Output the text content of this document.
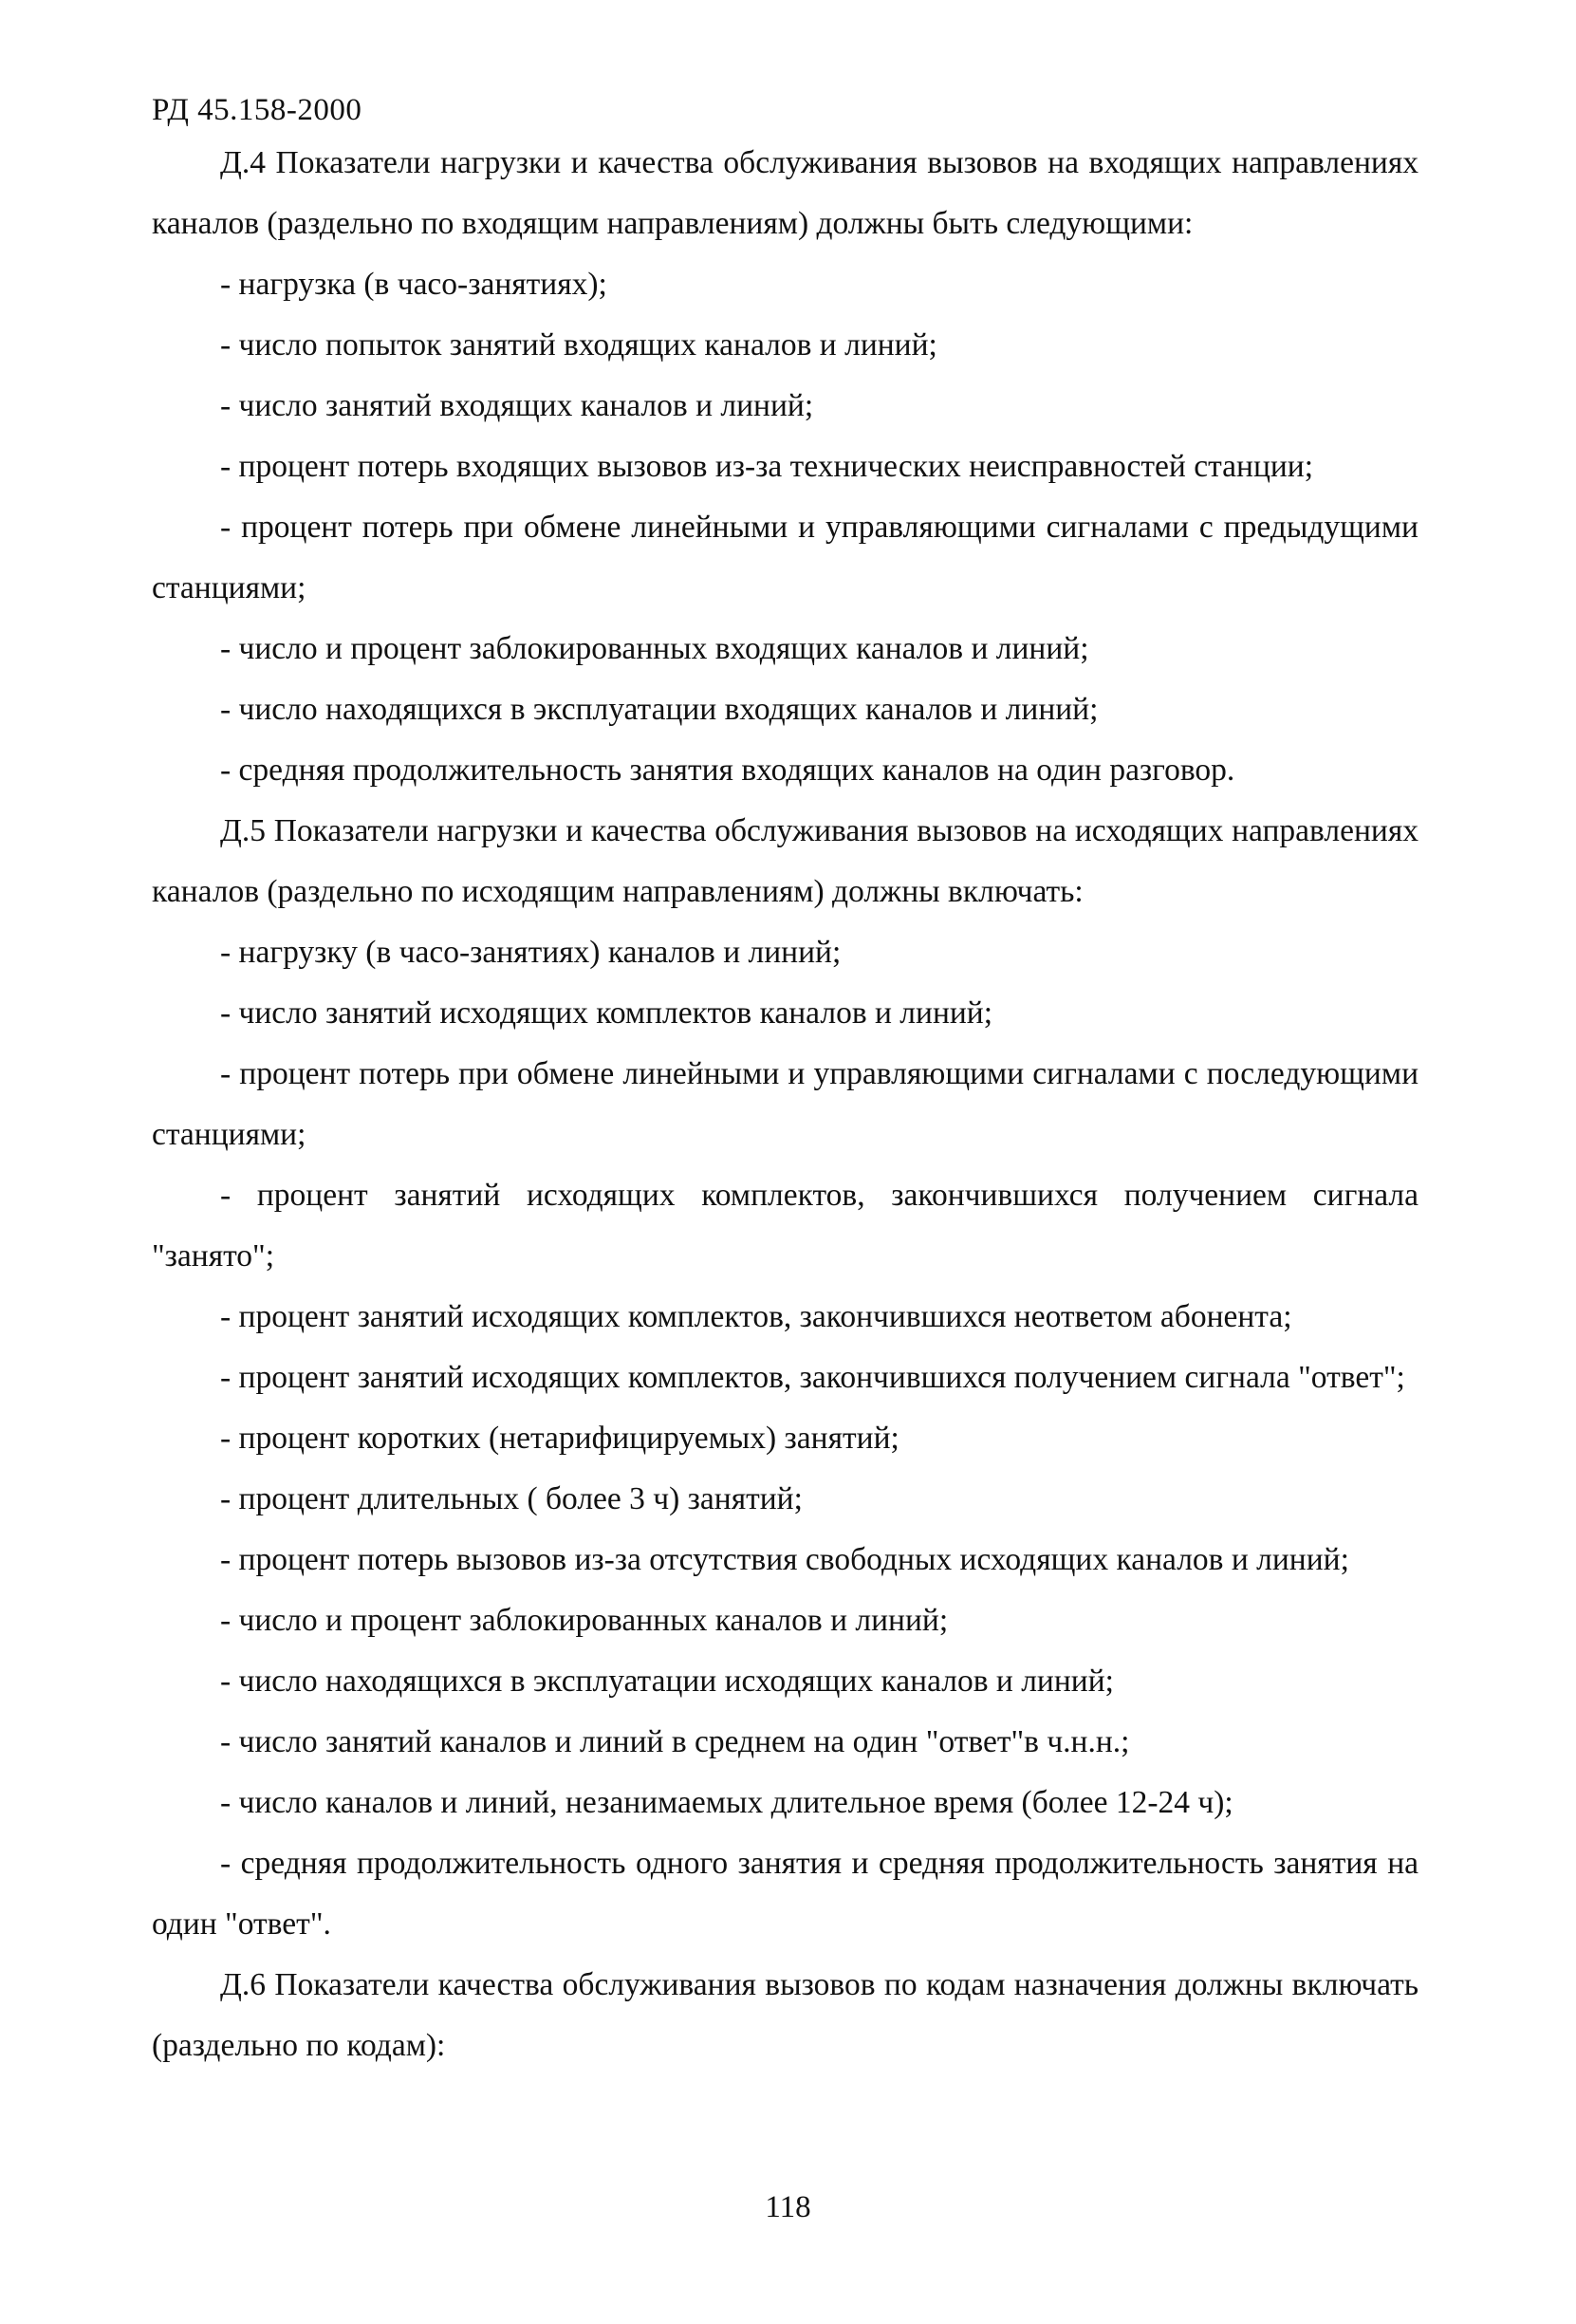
РД 45.158-2000

Д.4 Показатели нагрузки и качества обслуживания вызовов на входящих направлениях каналов (раздельно по входящим направлениям) должны быть следующими:

- нагрузка (в часо-занятиях);

- число попыток занятий входящих каналов и линий;

- число занятий входящих каналов и линий;

- процент потерь входящих вызовов из-за технических неисправностей станции;

- процент потерь при обмене линейными и управляющими сигналами с предыдущими станциями;

- число и процент заблокированных входящих каналов и линий;

- число находящихся в эксплуатации входящих каналов и линий;

- средняя продолжительность занятия входящих каналов на один разговор.

Д.5 Показатели нагрузки и качества обслуживания вызовов на исходящих направлениях каналов (раздельно по исходящим направлениям) должны включать:

- нагрузку (в часо-занятиях) каналов и линий;

- число занятий исходящих комплектов каналов и линий;

- процент потерь при обмене линейными и управляющими сигналами с последующими станциями;

- процент занятий исходящих комплектов, закончившихся получением сигнала "занято";

- процент занятий исходящих комплектов, закончившихся неответом абонента;

- процент занятий исходящих комплектов, закончившихся получением сигнала "ответ";

- процент коротких (нетарифицируемых) занятий;

- процент длительных ( более 3 ч) занятий;

- процент потерь вызовов из-за отсутствия свободных исходящих каналов и линий;

- число и процент заблокированных каналов и линий;

- число находящихся в эксплуатации исходящих каналов и линий;

- число занятий каналов и линий в среднем на один "ответ"в ч.н.н.;

- число каналов и линий, незанимаемых длительное время (более 12-24 ч);

- средняя продолжительность одного занятия и средняя продолжительность занятия на один "ответ".

Д.6 Показатели качества обслуживания вызовов по кодам назначения должны включать (раздельно по кодам):

118
